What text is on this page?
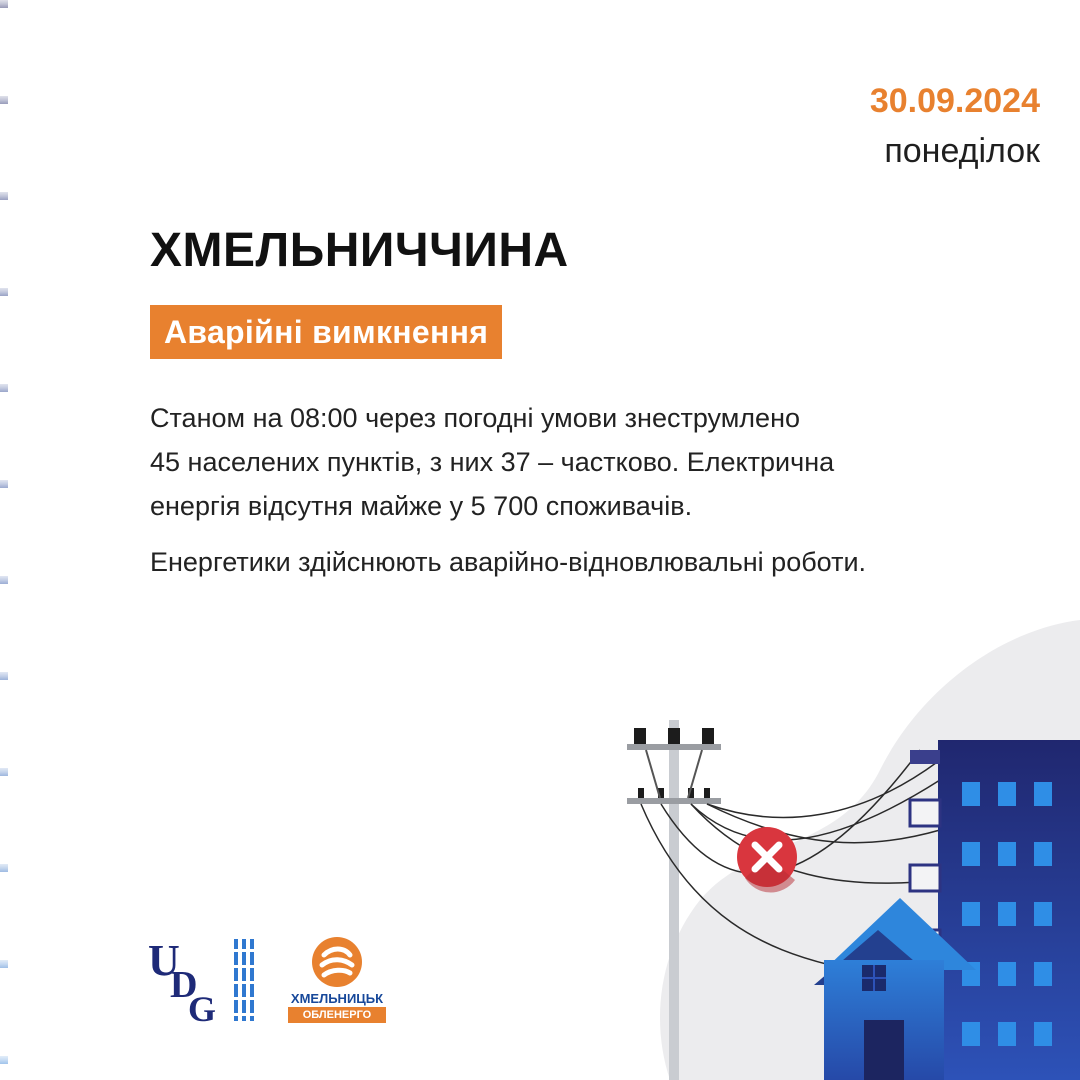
30.09.2024
понеділок
ХМЕЛЬНИЧЧИНА
Аварійні вимкнення

Станом на 08:00 через погодні умови знеструмлено

45 населених пунктів, з них 37 – частково. Електрична

енергія відсутня майже у 5 700 споживачів.

Енергетики здійснюють аварійно-відновлювальні роботи.

U
D
G	ХМЕЛЬНИЦЬК
ОБЛЕНЕРГО
